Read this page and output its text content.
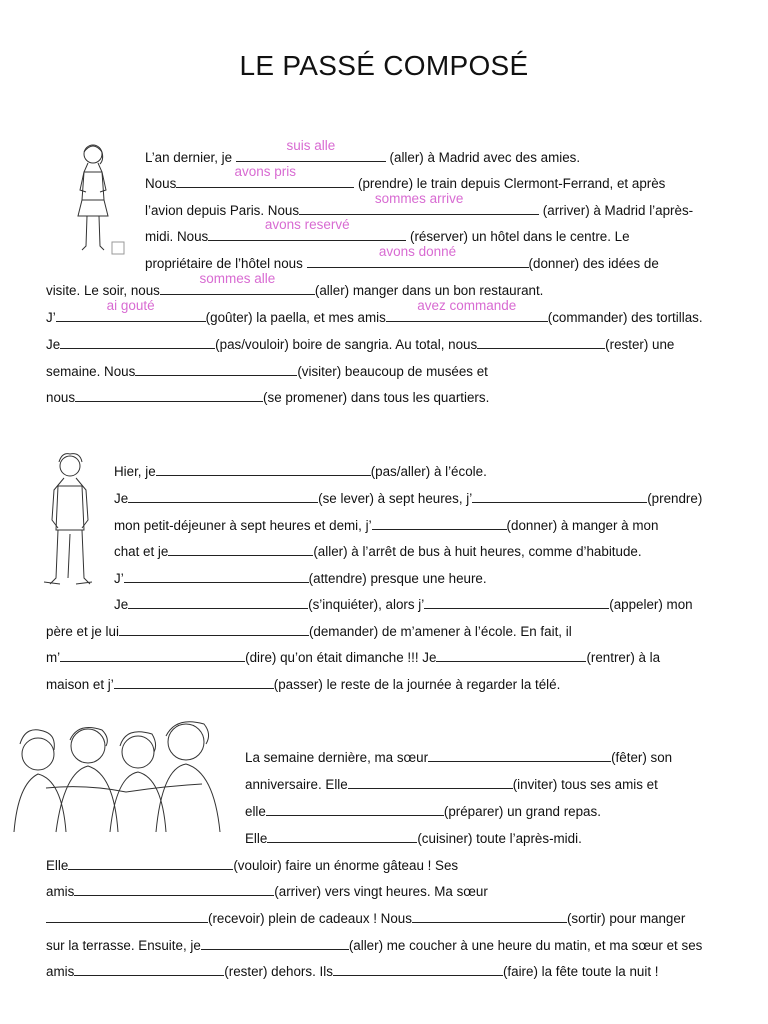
LE PASSÉ COMPOSÉ
L’an dernier, je
suis alle
(aller) à Madrid avec des amies.
Nous
avons pris
(prendre) le train depuis Clermont-Ferrand, et après
l’avion depuis Paris. Nous
sommes arrive
(arriver) à Madrid l’après-
midi. Nous
avons reservé
(réserver) un hôtel dans le centre. Le
propriétaire de l’hôtel nous
avons donné
(donner) des idées de
visite. Le soir, nous
sommes alle
(aller) manger dans un bon restaurant.
J’
ai gouté
(goûter) la paella, et mes amis
avez commande
(commander) des tortillas.
Je	(pas/vouloir) boire de sangria. Au total, nous	(rester) une
semaine. Nous	(visiter) beaucoup de musées et
nous	(se promener) dans tous les quartiers.
Hier, je	(pas/aller) à l’école.
Je	(se lever) à sept heures, j’	(prendre)
mon petit-déjeuner à sept heures et demi, j’	(donner) à manger à mon
chat et je	(aller) à l’arrêt de bus à huit heures, comme d’habitude.
J’	(attendre) presque une heure.
Je	(s’inquiéter), alors j’	(appeler) mon
père et je lui	(demander) de m’amener à l’école. En fait, il
m’	(dire) qu’on était dimanche !!! Je	(rentrer) à la
maison et j’	(passer) le reste de la journée à regarder la télé.
La semaine dernière, ma sœur	(fêter) son
anniversaire. Elle	(inviter) tous ses amis et
elle	(préparer) un grand repas.
Elle	(cuisiner) toute l’après-midi.
Elle	(vouloir) faire un énorme gâteau ! Ses
amis	(arriver) vers vingt heures. Ma sœur
(recevoir) plein de cadeaux ! Nous	(sortir) pour manger
sur la terrasse. Ensuite, je	(aller) me coucher à une heure du matin, et ma sœur et ses
amis	(rester) dehors. Ils	(faire) la fête toute la nuit !
